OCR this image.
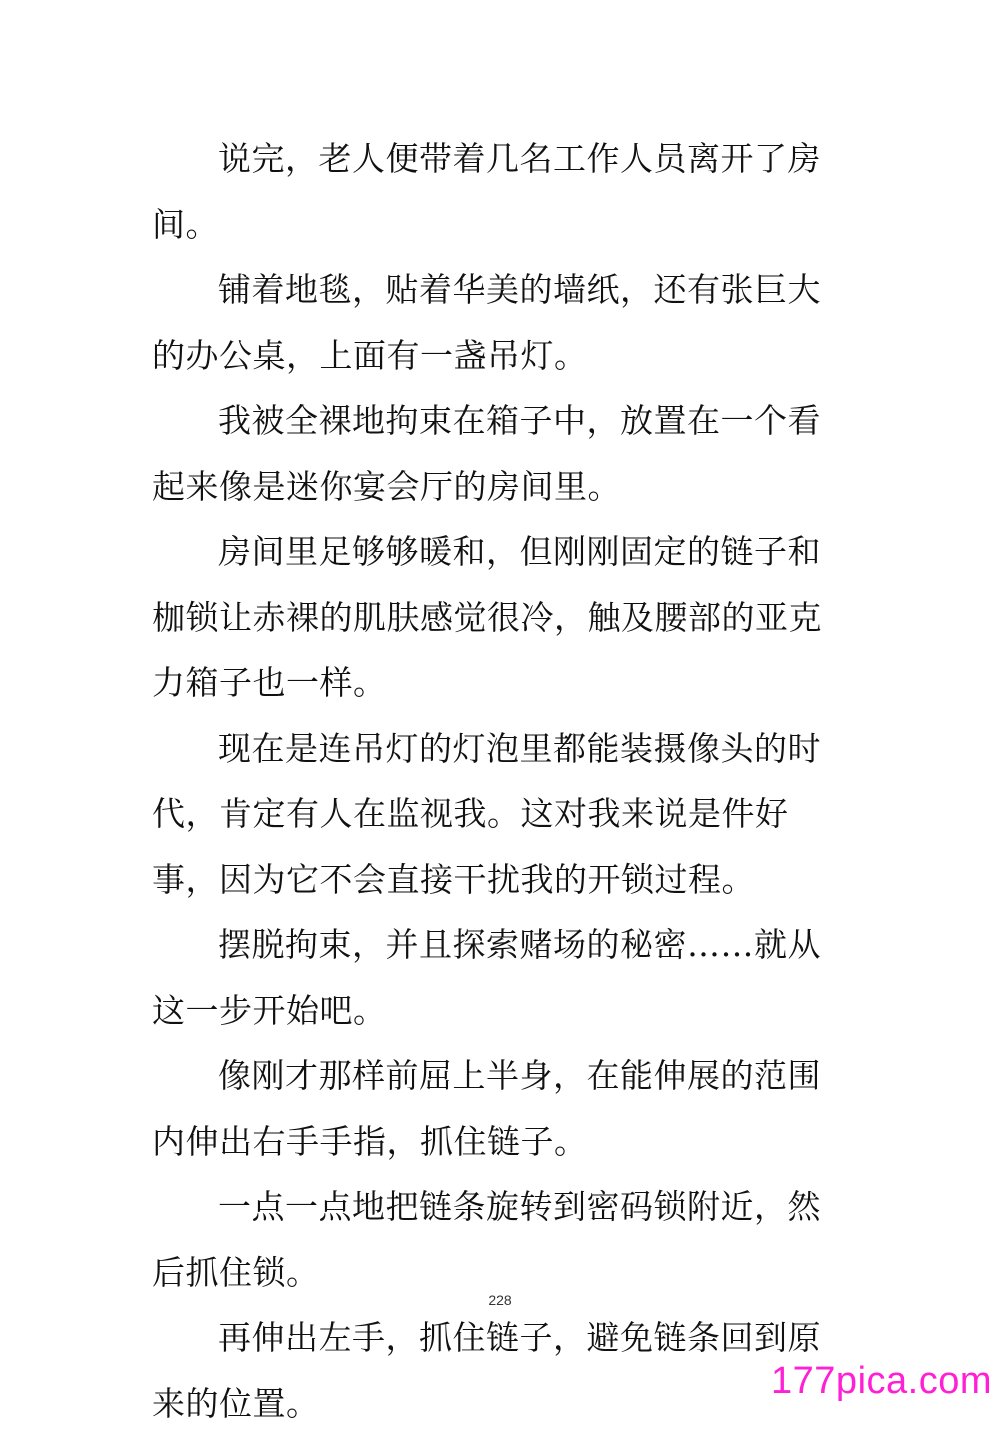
说完，老人便带着几名工作人员离开了房间。

铺着地毯，贴着华美的墙纸，还有张巨大的办公桌，上面有一盏吊灯。

我被全裸地拘束在箱子中，放置在一个看起来像是迷你宴会厅的房间里。

房间里足够够暖和，但刚刚固定的链子和枷锁让赤裸的肌肤感觉很冷，触及腰部的亚克力箱子也一样。

现在是连吊灯的灯泡里都能装摄像头的时代，肯定有人在监视我。这对我来说是件好事，因为它不会直接干扰我的开锁过程。

摆脱拘束，并且探索赌场的秘密……就从这一步开始吧。

像刚才那样前屈上半身，在能伸展的范围内伸出右手手指，抓住链子。

一点一点地把链条旋转到密码锁附近，然后抓住锁。

再伸出左手，抓住链子，避免链条回到原来的位置。

228
177pica.com
